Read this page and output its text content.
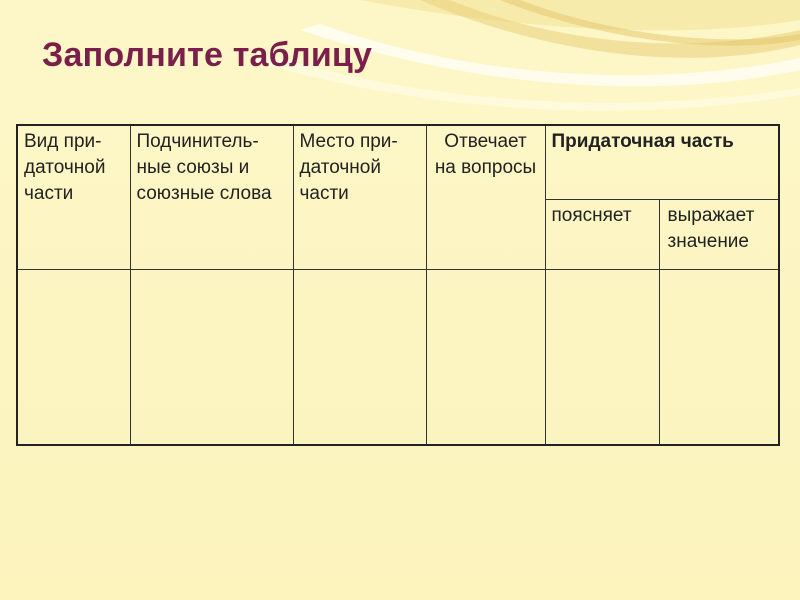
Заполните таблицу
Вид при-даточной части	Подчинитель-ные союзы и союзные слова	Место при-даточной части	Отвечает на вопросы	Придаточная часть	
				поясняет	выражает значение
